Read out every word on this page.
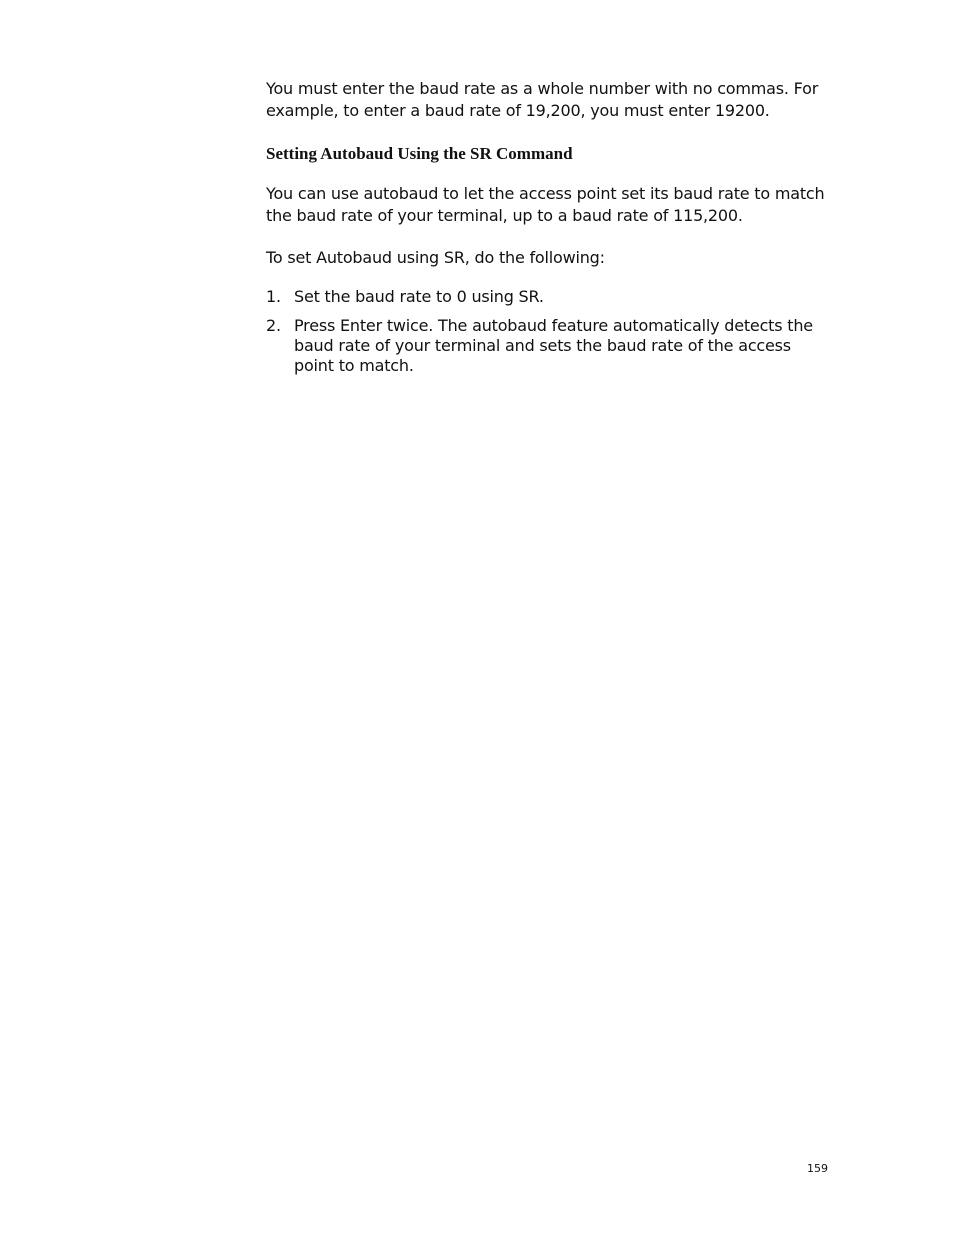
You must enter the baud rate as a whole number with no commas. For example, to enter a baud rate of 19,200, you must enter 19200.

Setting Autobaud Using the SR Command

You can use autobaud to let the access point set its baud rate to match the baud rate of your terminal, up to a baud rate of 115,200.

To set Autobaud using SR, do the following:

1. Set the baud rate to 0 using SR.
2. Press Enter twice. The autobaud feature automatically detects the baud rate of your terminal and sets the baud rate of the access point to match.
159
